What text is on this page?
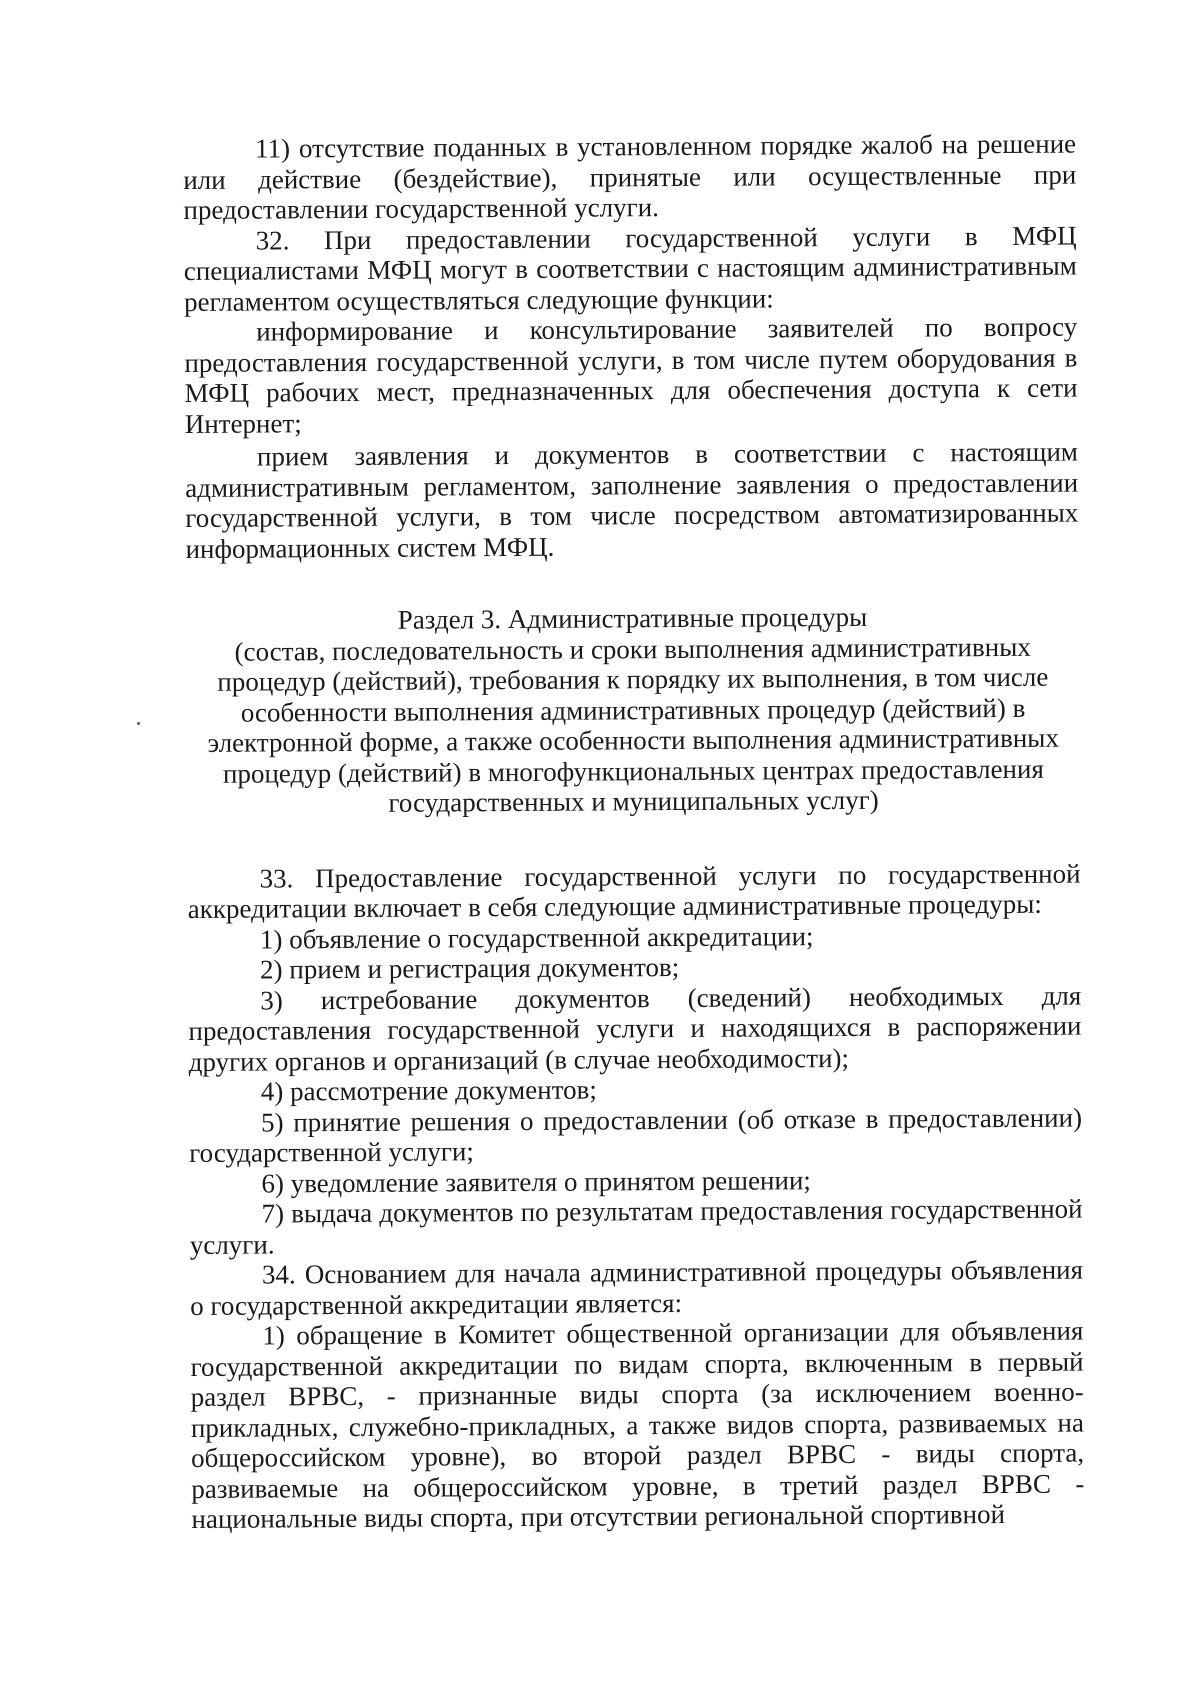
11) отсутствие поданных в установленном порядке жалоб на решение или действие (бездействие), принятые или осуществленные при предоставлении государственной услуги.

32. При предоставлении государственной услуги в МФЦ специалистами МФЦ могут в соответствии с настоящим административным регламентом осуществляться следующие функции:

информирование и консультирование заявителей по вопросу предоставления государственной услуги, в том числе путем оборудования в МФЦ рабочих мест, предназначенных для обеспечения доступа к сети Интернет;

прием заявления и документов в соответствии с настоящим административным регламентом, заполнение заявления о предоставлении государственной услуги, в том числе посредством автоматизированных информационных систем МФЦ.

Раздел 3. Административные процедуры

(состав, последовательность и сроки выполнения административных процедур (действий), требования к порядку их выполнения, в том числе особенности выполнения административных процедур (действий) в электронной форме, а также особенности выполнения административных процедур (действий) в многофункциональных центрах предоставления государственных и муниципальных услуг)

33. Предоставление государственной услуги по государственной аккредитации включает в себя следующие административные процедуры:

1) объявление о государственной аккредитации;

2) прием и регистрация документов;

3) истребование документов (сведений) необходимых для предоставления государственной услуги и находящихся в распоряжении других органов и организаций (в случае необходимости);

4) рассмотрение документов;

5) принятие решения о предоставлении (об отказе в предоставлении) государственной услуги;

6) уведомление заявителя о принятом решении;

7) выдача документов по результатам предоставления государственной услуги.

34. Основанием для начала административной процедуры объявления о государственной аккредитации является:

1) обращение в Комитет общественной организации для объявления государственной аккредитации по видам спорта, включенным в первый раздел ВРВС, - признанные виды спорта (за исключением военно-прикладных, служебно-прикладных, а также видов спорта, развиваемых на общероссийском уровне), во второй раздел ВРВС - виды спорта, развиваемые на общероссийском уровне, в третий раздел ВРВС - национальные виды спорта, при отсутствии региональной спортивной
